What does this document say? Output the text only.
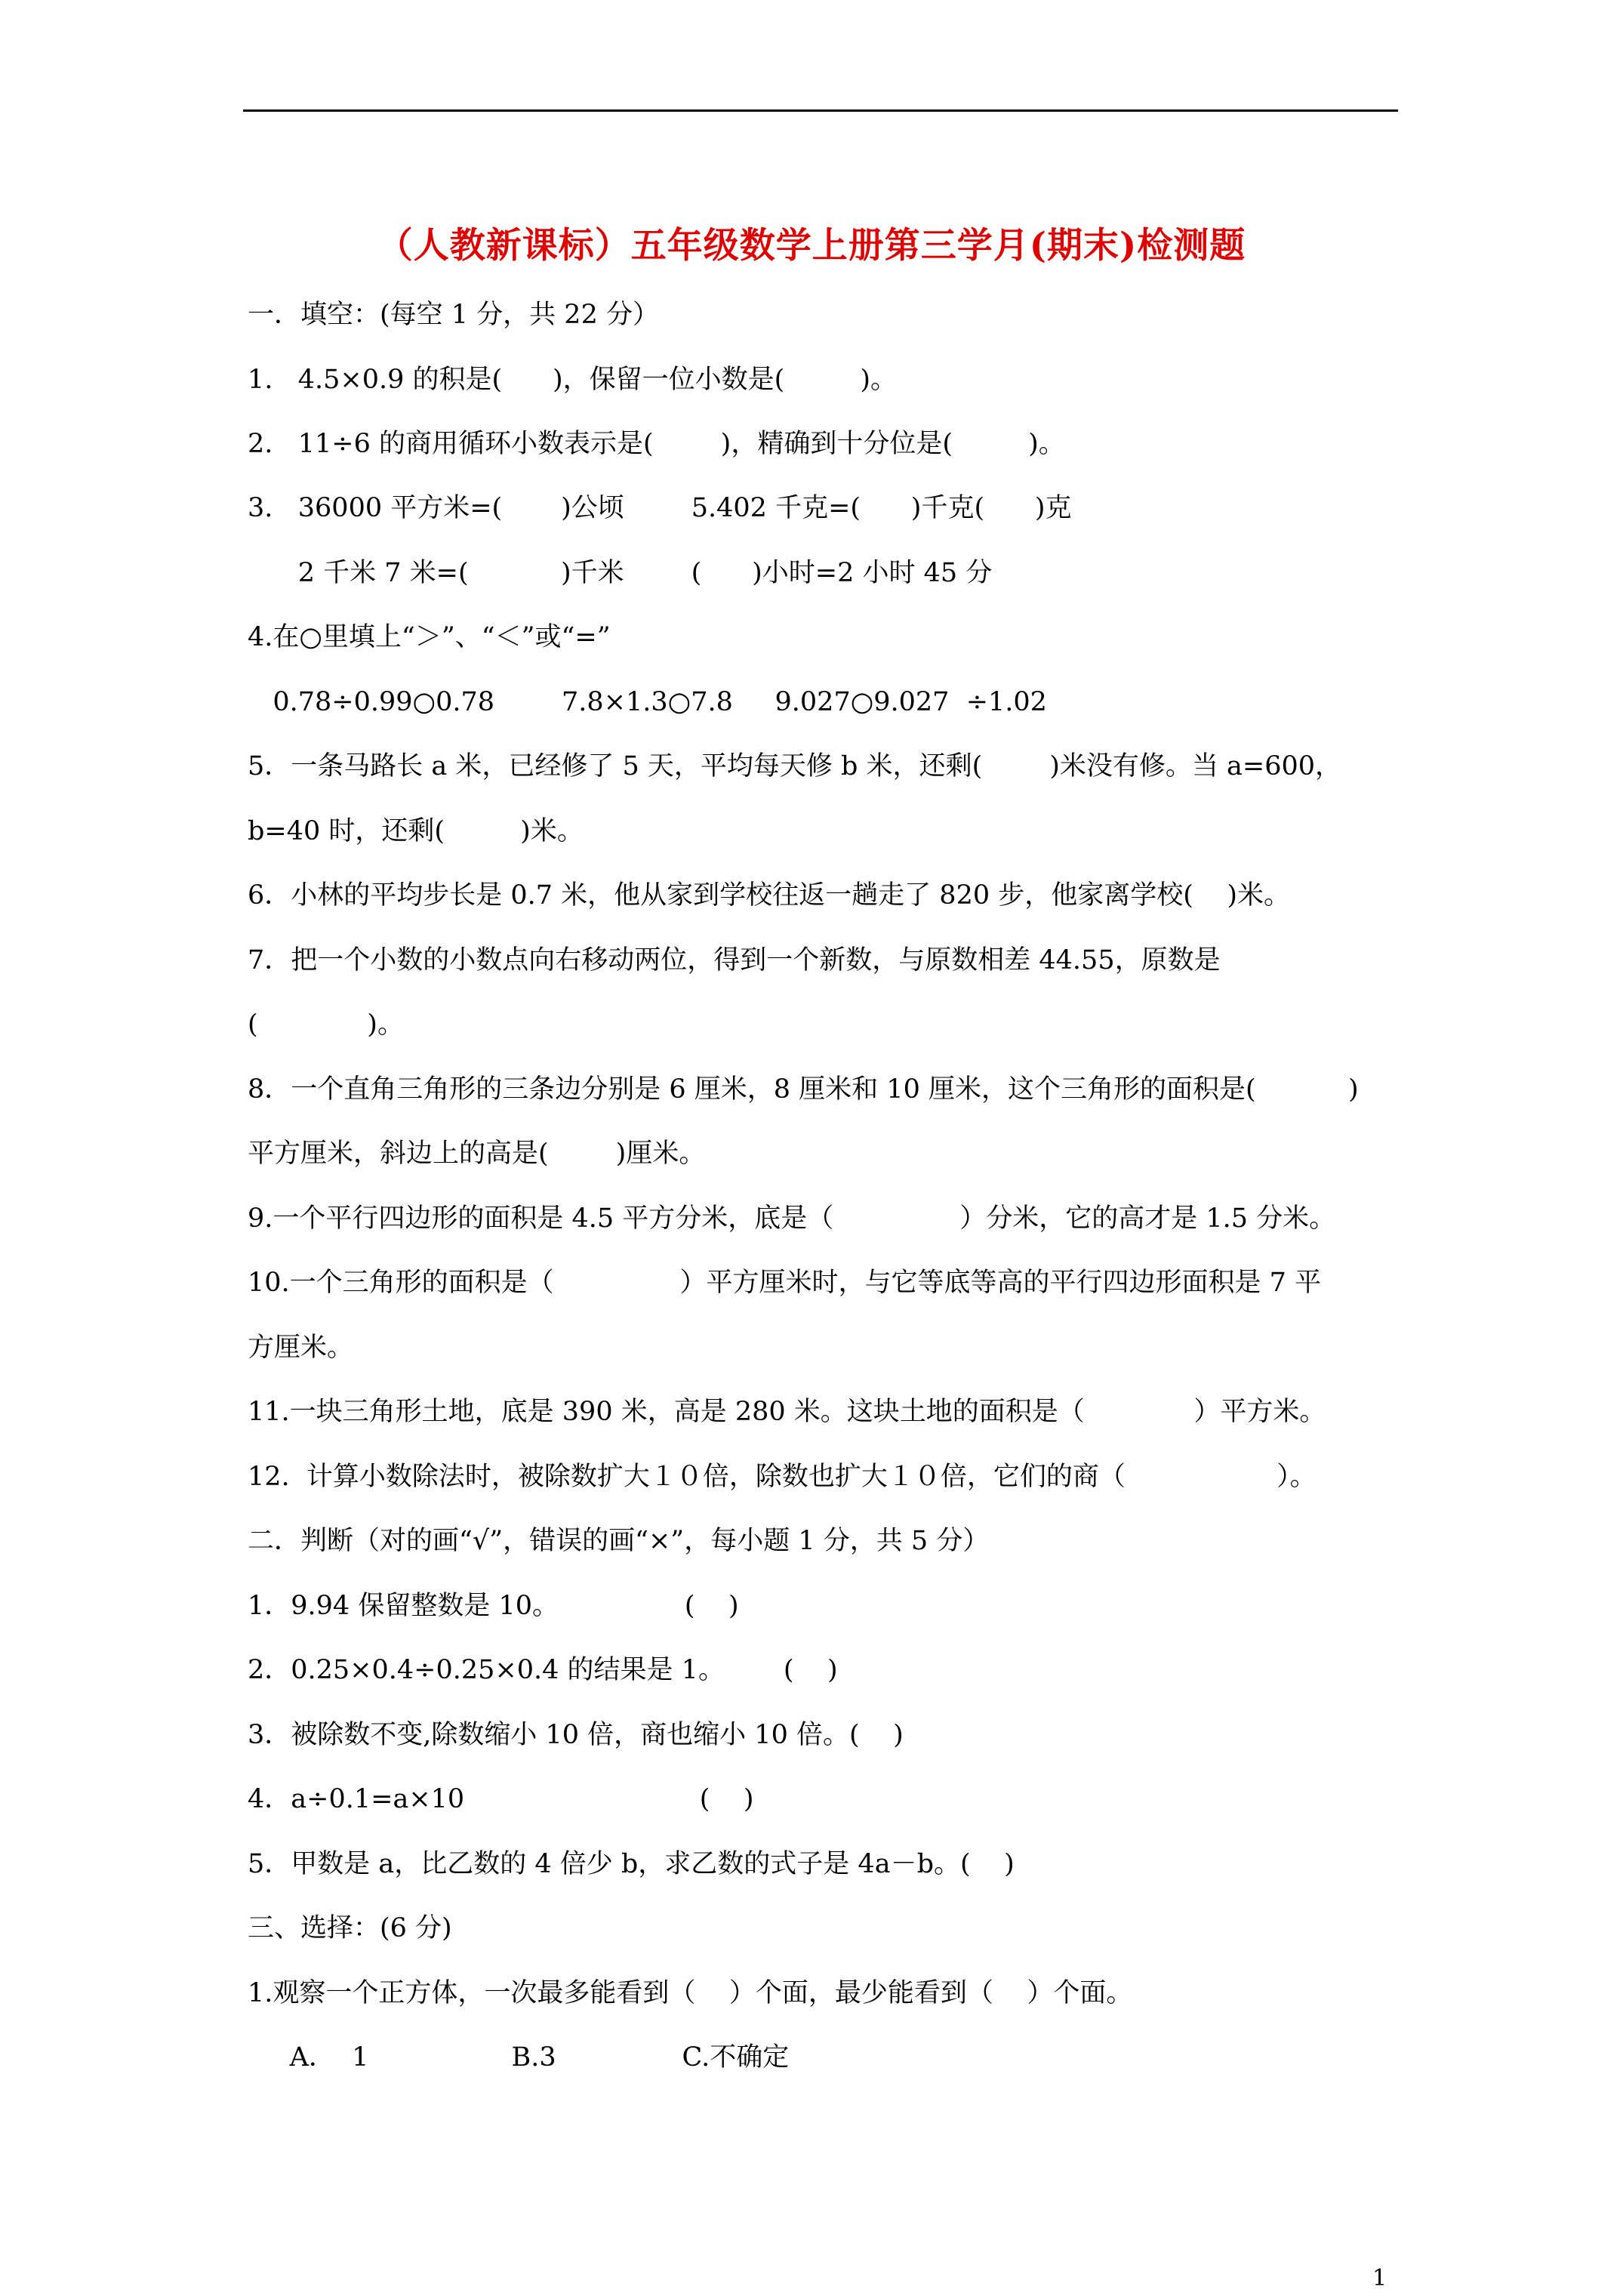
（人教新课标）五年级数学上册第三学月(期末)检测题
一．填空：(每空 1 分，共 22 分）
1.   4.5×0.9 的积是(      )，保留一位小数是(         )。
2.   11÷6 的商用循环小数表示是(        )，精确到十分位是(         )。
3.   36000 平方米=(       )公顷        5.402 千克=(      )千克(      )克
2 千米 7 米=(           )千米        (      )小时=2 小时 45 分
4.在○里填上“＞”、“＜”或“=”
0.78÷0.99○0.78        7.8×1.3○7.8     9.027○9.027  ÷1.02
5．一条马路长 a 米，已经修了 5 天，平均每天修 b 米，还剩(        )米没有修。当 a=600，
b=40 时，还剩(         )米。
6．小林的平均步长是 0.7 米，他从家到学校往返一趟走了 820 步，他家离学校(    )米。
7．把一个小数的小数点向右移动两位，得到一个新数，与原数相差 44.55，原数是
(             )。
8．一个直角三角形的三条边分别是 6 厘米，8 厘米和 10 厘米，这个三角形的面积是(           )
平方厘米，斜边上的高是(        )厘米。
9.一个平行四边形的面积是 4.5 平方分米，底是（               ）分米，它的高才是 1.5 分米。
10.一个三角形的面积是（               ）平方厘米时，与它等底等高的平行四边形面积是 7 平
方厘米。
11.一块三角形土地，底是 390 米，高是 280 米。这块土地的面积是（             ）平方米。
12.  计算小数除法时，被除数扩大１０倍，除数也扩大１０倍，它们的商（                  ）。
二．判断（对的画“√”，错误的画“×”，每小题 1 分，共 5 分）
1．9.94 保留整数是 10。               (    )
2．0.25×0.4÷0.25×0.4 的结果是 1。       (    )
3．被除数不变,除数缩小 10 倍，商也缩小 10 倍。(    )
4．a÷0.1=a×10                            (    )
5．甲数是 a，比乙数的 4 倍少 b，求乙数的式子是 4a－b。(    )
三、选择：(6 分)
1.观察一个正方体，一次最多能看到（    ）个面，最少能看到（    ）个面。
A．  1                 B.3               C.不确定
1
